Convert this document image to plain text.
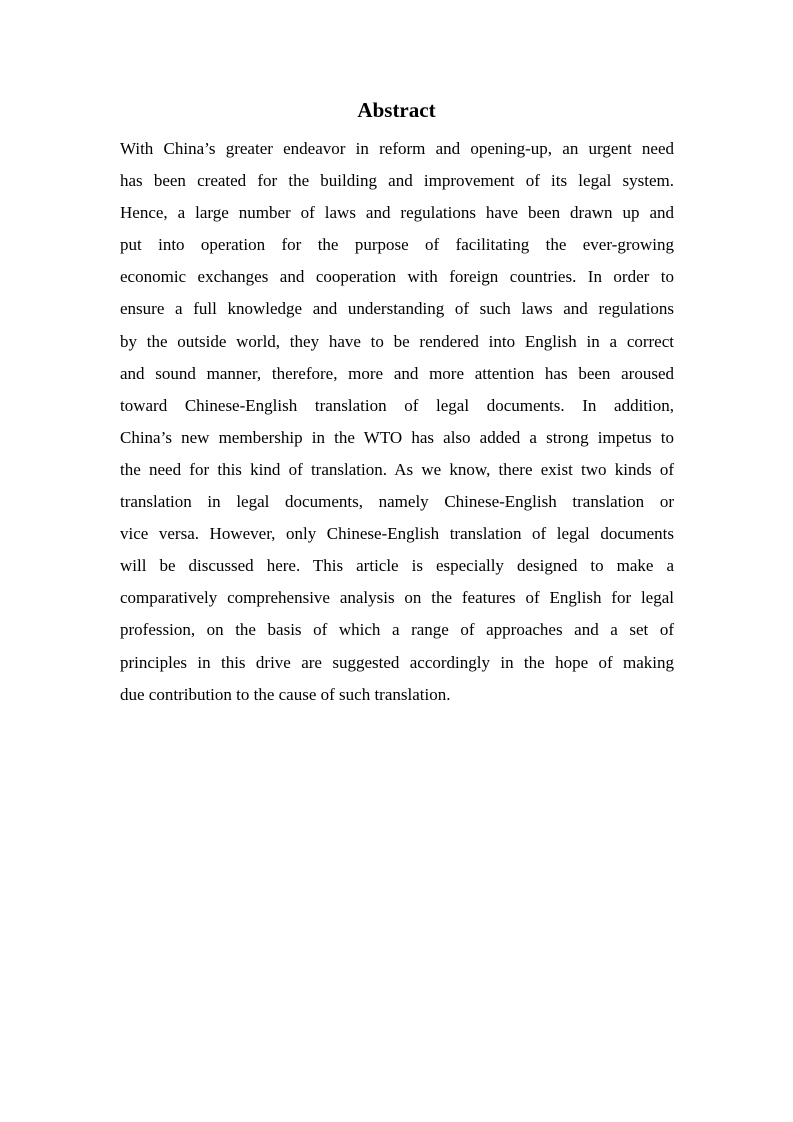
Abstract
With China’s greater endeavor in reform and opening-up, an urgent need
has been created for the building and improvement of its legal system.
Hence, a large number of laws and regulations have been drawn up and
put into operation for the purpose of facilitating the ever-growing
economic exchanges and cooperation with foreign countries. In order to
ensure a full knowledge and understanding of such laws and regulations
by the outside world, they have to be rendered into English in a correct
and sound manner, therefore, more and more attention has been aroused
toward Chinese-English translation of legal documents. In addition,
China’s new membership in the WTO has also added a strong impetus to
the need for this kind of translation. As we know, there exist two kinds of
translation in legal documents, namely Chinese-English translation or
vice versa. However, only Chinese-English translation of legal documents
will be discussed here. This article is especially designed to make a
comparatively comprehensive analysis on the features of English for legal
profession, on the basis of which a range of approaches and a set of
principles in this drive are suggested accordingly in the hope of making
due contribution to the cause of such translation.
